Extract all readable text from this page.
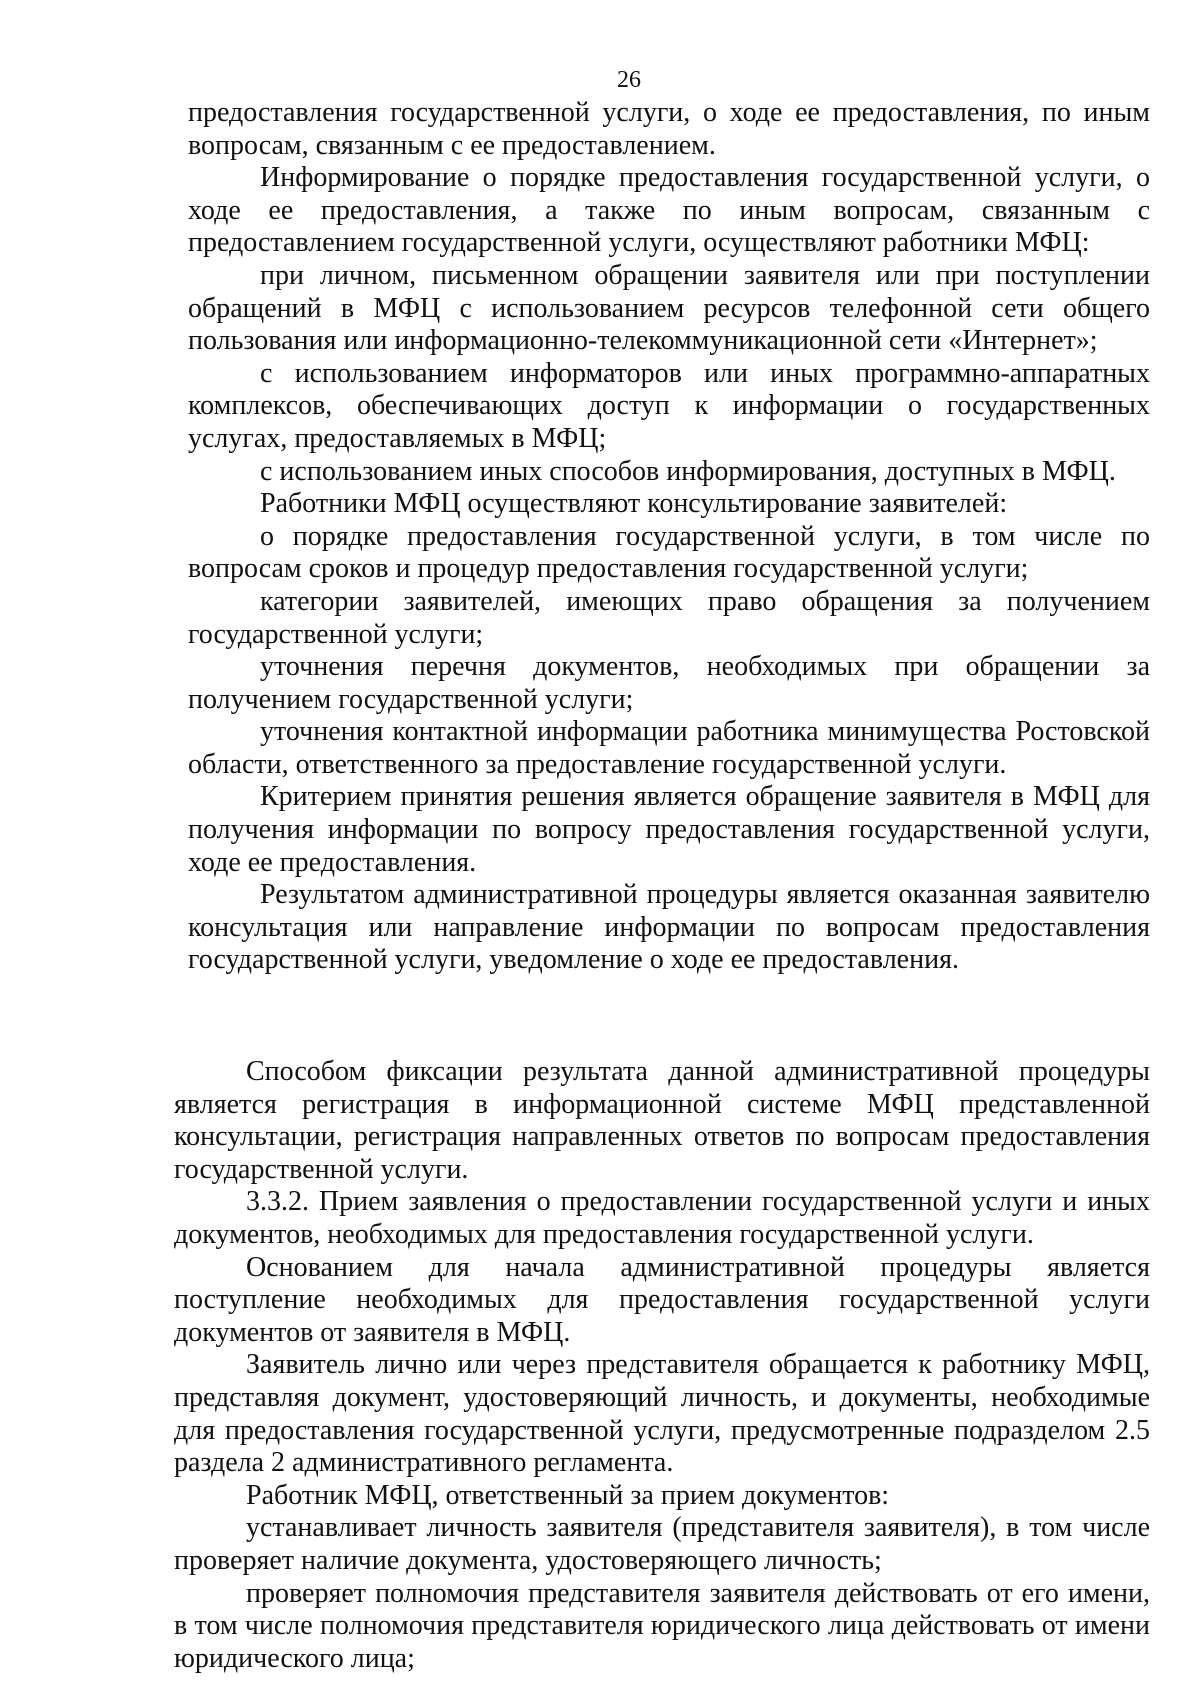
26

предоставления государственной услуги, о ходе ее предоставления, по иным вопросам, связанным с ее предоставлением.

Информирование о порядке предоставления государственной услуги, о ходе ее предоставления, а также по иным вопросам, связанным с предоставлением государственной услуги, осуществляют работники МФЦ:

при личном, письменном обращении заявителя или при поступлении обращений в МФЦ с использованием ресурсов телефонной сети общего пользования или информационно-телекоммуникационной сети «Интернет»;

с использованием информаторов или иных программно-аппаратных комплексов, обеспечивающих доступ к информации о государственных услугах, предоставляемых в МФЦ;

с использованием иных способов информирования, доступных в МФЦ.

Работники МФЦ осуществляют консультирование заявителей:

о порядке предоставления государственной услуги, в том числе по вопросам сроков и процедур предоставления государственной услуги;

категории заявителей, имеющих право обращения за получением государственной услуги;

уточнения перечня документов, необходимых при обращении за получением государственной услуги;

уточнения контактной информации работника минимущества Ростовской области, ответственного за предоставление государственной услуги.

Критерием принятия решения является обращение заявителя в МФЦ для получения информации по вопросу предоставления государственной услуги, ходе ее предоставления.

Результатом административной процедуры является оказанная заявителю консультация или направление информации по вопросам предоставления государственной услуги, уведомление о ходе ее предоставления.

Способом фиксации результата данной административной процедуры является регистрация в информационной системе МФЦ представленной консультации, регистрация направленных ответов по вопросам предоставления государственной услуги.

3.3.2. Прием заявления о предоставлении государственной услуги и иных документов, необходимых для предоставления государственной услуги.

Основанием для начала административной процедуры является поступление необходимых для предоставления государственной услуги документов от заявителя в МФЦ.

Заявитель лично или через представителя обращается к работнику МФЦ, представляя документ, удостоверяющий личность, и документы, необходимые для предоставления государственной услуги, предусмотренные подразделом 2.5 раздела 2 административного регламента.

Работник МФЦ, ответственный за прием документов:

устанавливает личность заявителя (представителя заявителя), в том числе проверяет наличие документа, удостоверяющего личность;

проверяет полномочия представителя заявителя действовать от его имени, в том числе полномочия представителя юридического лица действовать от имени юридического лица;
